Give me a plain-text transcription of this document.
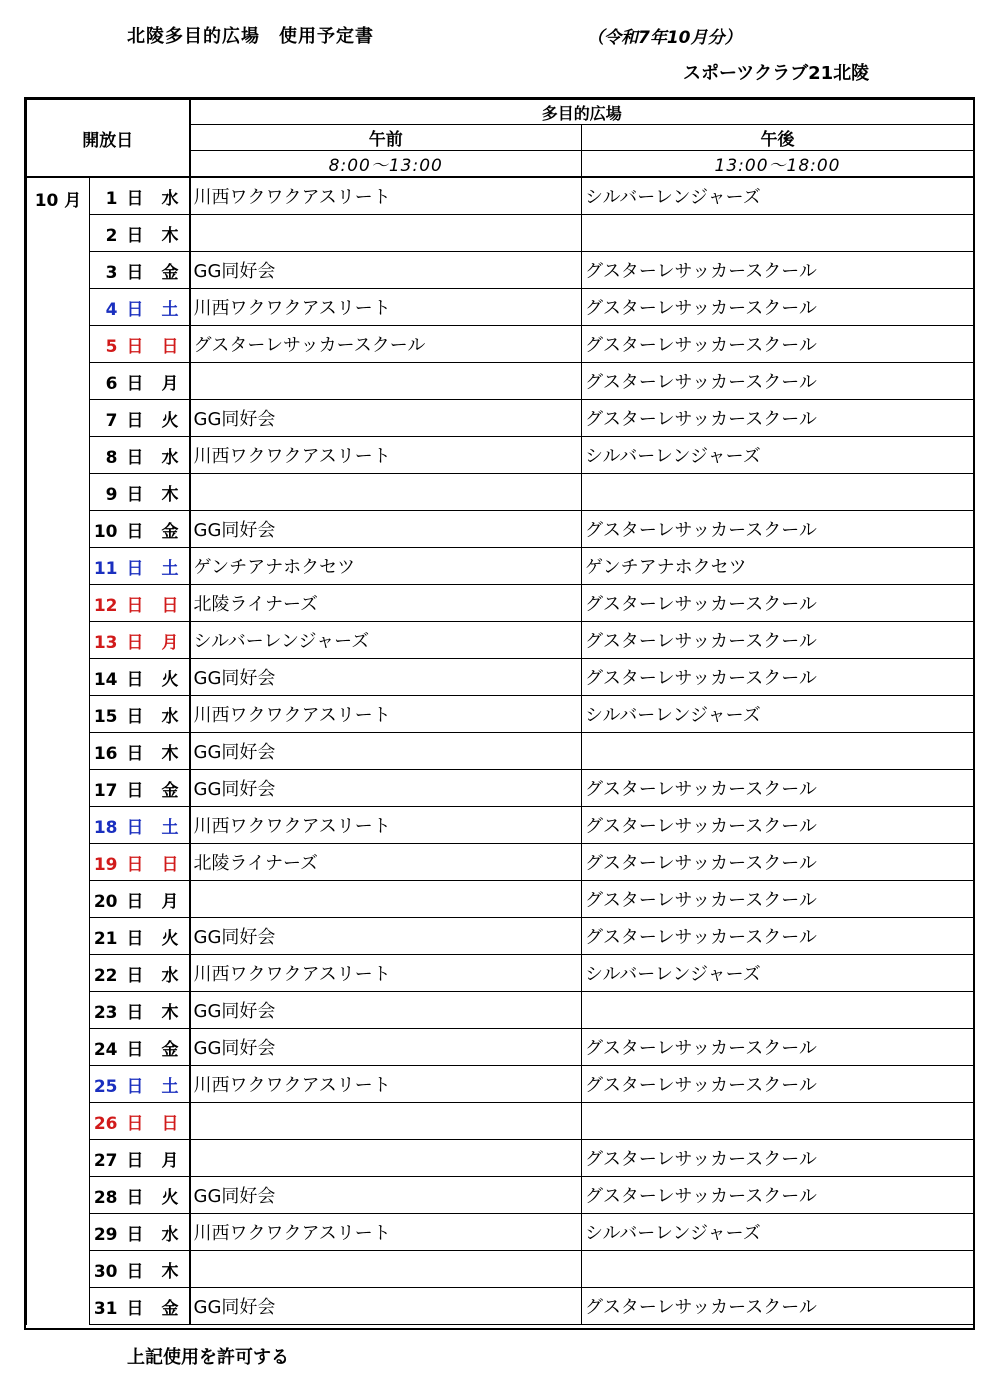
北陵多目的広場　使用予定書	（令和7年10月分）
スポーツクラブ21北陵
開放日			多目的広場	
			午前	午後
			8:00～13:00	13:00～18:00
10 月	1 日	水	川西ワクワクアスリート	シルバーレンジャーズ
	2 日	木		
	3 日	金	GG同好会	グスターレサッカースクール
	4 日	土	川西ワクワクアスリート	グスターレサッカースクール
	5 日	日	グスターレサッカースクール	グスターレサッカースクール
	6 日	月		グスターレサッカースクール
	7 日	火	GG同好会	グスターレサッカースクール
	8 日	水	川西ワクワクアスリート	シルバーレンジャーズ
	9 日	木		
	10 日	金	GG同好会	グスターレサッカースクール
	11 日	土	ゲンチアナホクセツ	ゲンチアナホクセツ
	12 日	日	北陵ライナーズ	グスターレサッカースクール
	13 日	月	シルバーレンジャーズ	グスターレサッカースクール
	14 日	火	GG同好会	グスターレサッカースクール
	15 日	水	川西ワクワクアスリート	シルバーレンジャーズ
	16 日	木	GG同好会	
	17 日	金	GG同好会	グスターレサッカースクール
	18 日	土	川西ワクワクアスリート	グスターレサッカースクール
	19 日	日	北陵ライナーズ	グスターレサッカースクール
	20 日	月		グスターレサッカースクール
	21 日	火	GG同好会	グスターレサッカースクール
	22 日	水	川西ワクワクアスリート	シルバーレンジャーズ
	23 日	木	GG同好会	
	24 日	金	GG同好会	グスターレサッカースクール
	25 日	土	川西ワクワクアスリート	グスターレサッカースクール
	26 日	日		
	27 日	月		グスターレサッカースクール
	28 日	火	GG同好会	グスターレサッカースクール
	29 日	水	川西ワクワクアスリート	シルバーレンジャーズ
	30 日	木		
	31 日	金	GG同好会	グスターレサッカースクール
上記使用を許可する
